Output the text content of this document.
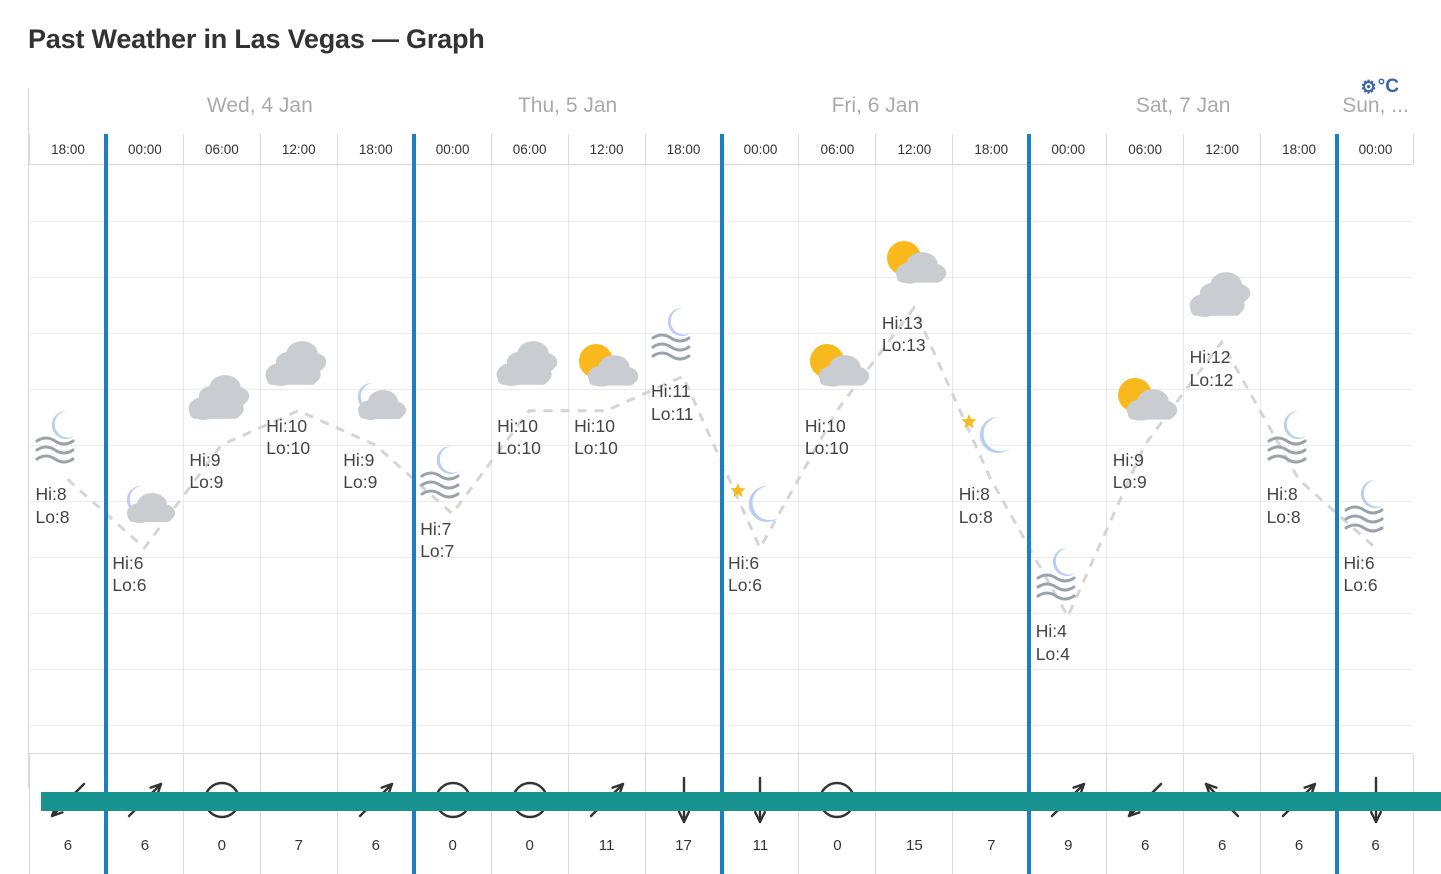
Past Weather in Las Vegas — Graph
⚙ °C
Wed, 4 Jan	Thu, 5 Jan	Fri, 6 Jan	Sat, 7 Jan	Sun, ...
18:00	00:00	06:00	12:00	18:00	00:00	06:00	12:00	18:00	00:00	06:00	12:00	18:00	00:00	06:00	12:00	18:00	00:00
Hi:8
Lo:8
Hi:6
Lo:6
Hi:9
Lo:9
Hi:10
Lo:10
Hi:9
Lo:9
Hi:7
Lo:7
Hi:10
Lo:10
Hi:10
Lo:10
Hi:11
Lo:11
Hi:6
Lo:6
Hi:10
Lo:10
Hi:13
Lo:13
Hi:8
Lo:8
Hi:4
Lo:4
Hi:9
Lo:9
Hi:12
Lo:12
Hi:8
Lo:8
Hi:6
Lo:6
6	6	0	7	6	0	0	11	17	11	0	15	7	9	6	6	6	6
